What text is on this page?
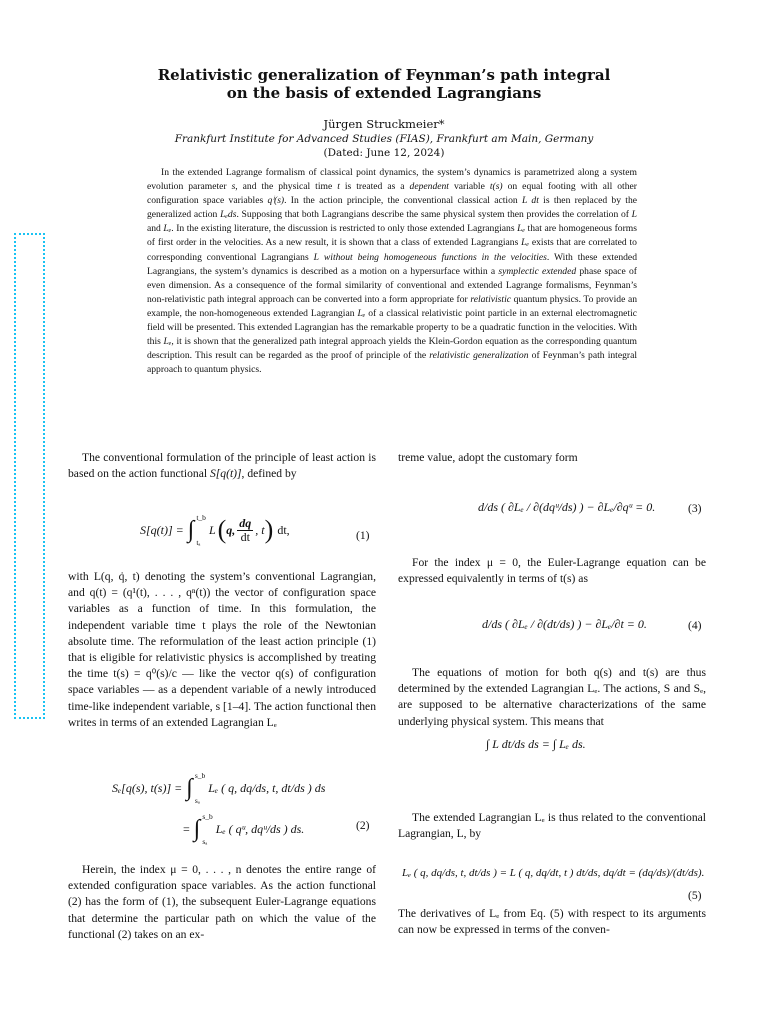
Relativistic generalization of Feynman’s path integral
on the basis of extended Lagrangians
Jürgen Struckmeier*
Frankfurt Institute for Advanced Studies (FIAS), Frankfurt am Main, Germany
(Dated: June 12, 2024)

In the extended Lagrange formalism of classical point dynamics, the system’s dynamics is parametrized along a system evolution parameter s, and the physical time t is treated as a dependent variable t(s) on equal footing with all other configuration space variables qⁱ(s). In the action principle, the conventional classical action L dt is then replaced by the generalized action Lₑds. Supposing that both Lagrangians describe the same physical system then provides the correlation of L and Lₑ. In the existing literature, the discussion is restricted to only those extended Lagrangians Lₑ that are homogeneous forms of first order in the velocities. As a new result, it is shown that a class of extended Lagrangians Lₑ exists that are correlated to corresponding conventional Lagrangians L without being homogeneous functions in the velocities. With these extended Lagrangians, the system’s dynamics is described as a motion on a hypersurface within a symplectic extended phase space of even dimension. As a consequence of the formal similarity of conventional and extended Lagrange formalisms, Feynman’s non-relativistic path integral approach can be converted into a form appropriate for relativistic quantum physics. To provide an example, the non-homogeneous extended Lagrangian Lₑ of a classical relativistic point particle in an external electromagnetic field will be presented. This extended Lagrangian has the remarkable property to be a quadratic function in the velocities. With this Lₑ, it is shown that the generalized path integral approach yields the Klein-Gordon equation as the corresponding quantum description. This result can be regarded as the proof of principle of the relativistic generalization of Feynman’s path integral approach to quantum physics.

The conventional formulation of the principle of least action is based on the action functional S[q(t)], defined by

S[q(t)] = ∫ t_b
tₐ
L ( q, $\frac{dq}{dt}$ , t ) dt,	(1)

with L(q, q̇, t) denoting the system’s conventional Lagrangian, and q(t) = (q¹(t), . . . , qⁿ(t)) the vector of configuration space variables as a function of time. In this formulation, the independent variable time t plays the role of the Newtonian absolute time. The reformulation of the least action principle (1) that is eligible for relativistic physics is accomplished by treating the time t(s) = q⁰(s)/c — like the vector q(s) of configuration space variables — as a dependent variable of a newly introduced time-like independent variable, s [1–4]. The action functional then writes in terms of an extended Lagrangian Lₑ

Sₑ[q(s), t(s)] = ∫ s_b
sₐ
Lₑ ( q, dq/ds, t, dt/ds ) ds
= ∫ s_b
sₐ
Lₑ ( qᵘ, dqᵘ/ds ) ds.	(2)

Herein, the index μ = 0, . . . , n denotes the entire range of extended configuration space variables. As the action functional (2) has the form of (1), the subsequent Euler-Lagrange equations that determine the particular path on which the value of the functional (2) takes on an ex-

treme value, adopt the customary form

d/ds ( ∂Lₑ / ∂(dqᵘ/ds) ) − ∂Lₑ/∂qᵘ = 0.	(3)

For the index μ = 0, the Euler-Lagrange equation can be expressed equivalently in terms of t(s) as

d/ds ( ∂Lₑ / ∂(dt/ds) ) − ∂Lₑ/∂t = 0.	(4)

The equations of motion for both q(s) and t(s) are thus determined by the extended Lagrangian Lₑ. The actions, S and Sₑ, are supposed to be alternative characterizations of the same underlying physical system. This means that

∫ L dt/ds ds = ∫ Lₑ ds.

The extended Lagrangian Lₑ is thus related to the conventional Lagrangian, L, by

Lₑ ( q, dq/ds, t, dt/ds ) = L ( q, dq/dt, t ) dt/ds, dq/dt = (dq/ds)/(dt/ds).
(5)

The derivatives of Lₑ from Eq. (5) with respect to its arguments can now be expressed in terms of the conven-
